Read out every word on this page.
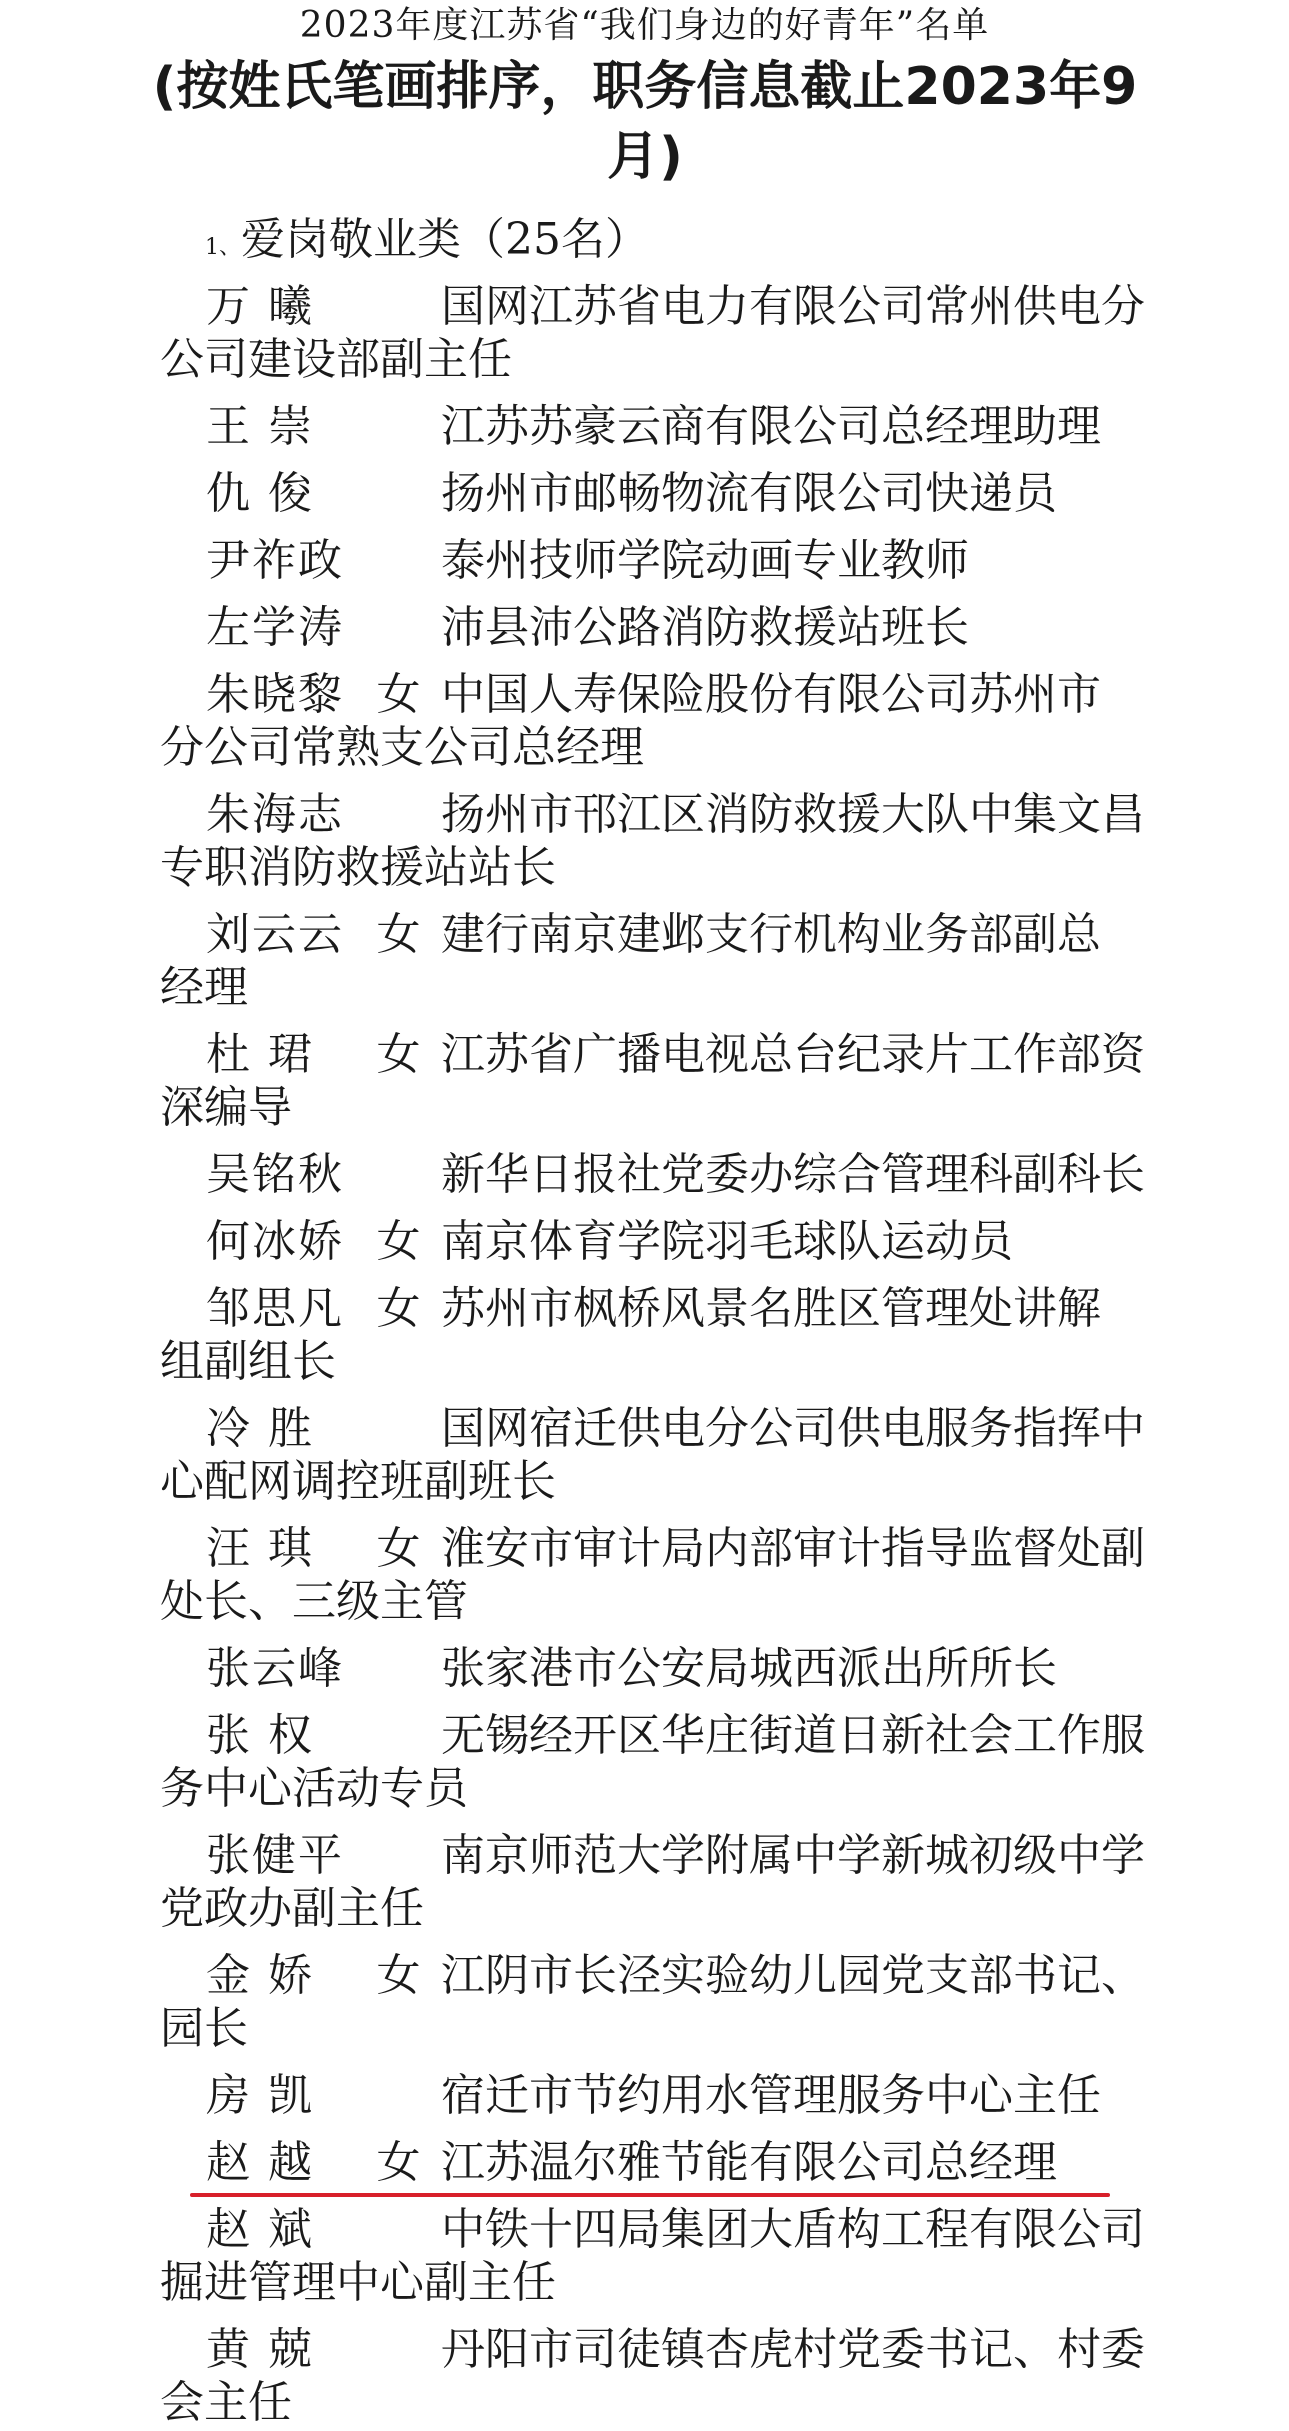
2023年度江苏省“我们身边的好青年”名单
(按姓氏笔画排序，职务信息截止2023年9月)
1、爱岗敬业类（25名）
万 曦	国网江苏省电力有限公司常州供电分
公司建设部副主任
王 崇	江苏苏豪云商有限公司总经理助理
仇 俊	扬州市邮畅物流有限公司快递员
尹祚政 泰州技师学院动画专业教师
左学涛 沛县沛公路消防救援站班长
朱晓黎 女 中国人寿保险股份有限公司苏州市
分公司常熟支公司总经理
朱海志 扬州市邗江区消防救援大队中集文昌
专职消防救援站站长
刘云云 女 建行南京建邺支行机构业务部副总
经理
杜 珺	女 江苏省广播电视总台纪录片工作部资
深编导
吴铭秋 新华日报社党委办综合管理科副科长
何冰娇 女 南京体育学院羽毛球队运动员
邹思凡 女 苏州市枫桥风景名胜区管理处讲解
组副组长
冷 胜	国网宿迁供电分公司供电服务指挥中
心配网调控班副班长
汪 琪	女 淮安市审计局内部审计指导监督处副
处长、三级主管
张云峰 张家港市公安局城西派出所所长
张 权	无锡经开区华庄街道日新社会工作服
务中心活动专员
张健平 南京师范大学附属中学新城初级中学
党政办副主任
金 娇	女 江阴市长泾实验幼儿园党支部书记、
园长
房 凯	宿迁市节约用水管理服务中心主任
赵 越	女 江苏温尔雅节能有限公司总经理
赵 斌	中铁十四局集团大盾构工程有限公司
掘进管理中心副主任
黄 兢	丹阳市司徒镇杏虎村党委书记、村委
会主任
